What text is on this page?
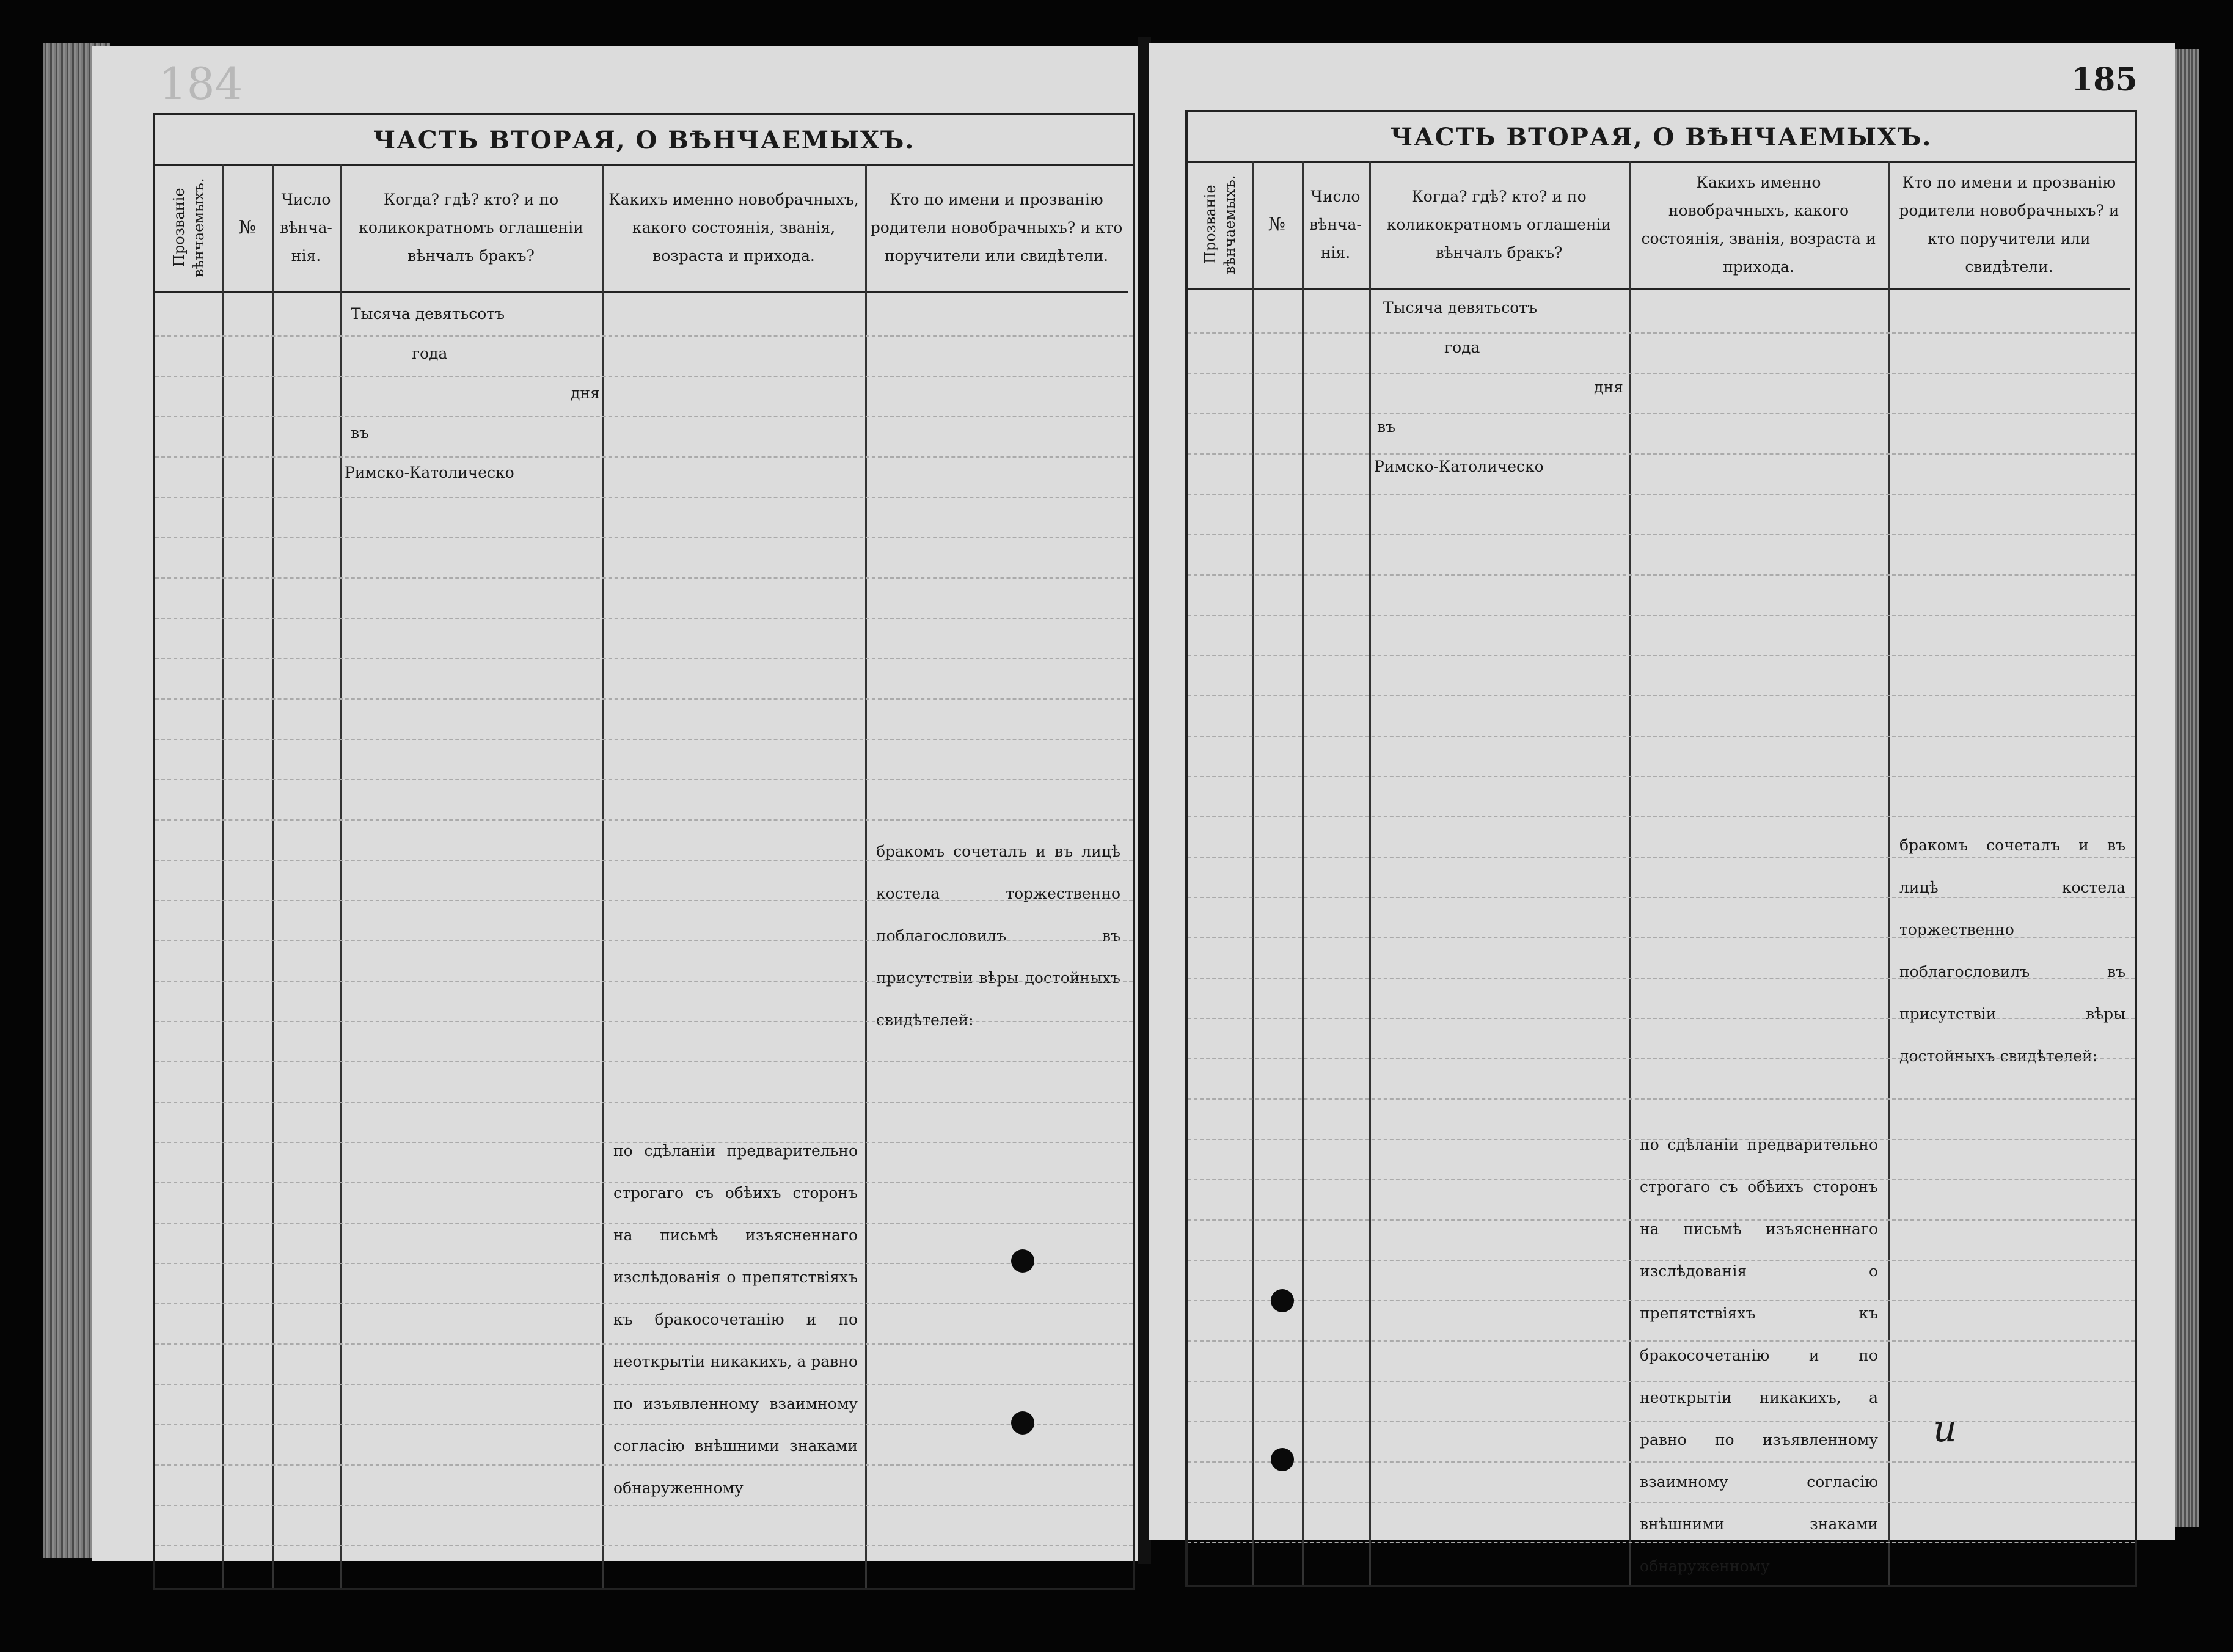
184
ЧАСТЬ ВТОРАЯ, О ВѢНЧАЕМЫХЪ.
Прозваніе вѣнчаемыхъ.	№
Число вѣнча-нія.
Когда? гдѣ? кто? и по коликократномъ оглашеніи вѣнчалъ бракъ?
Какихъ именно новобрачныхъ, какого состоянія, званія, возраста и прихода.
Кто по имени и прозванію родители новобрачныхъ? и кто поручители или свидѣтели.
Тысяча девятьсотъ
года
дня
въ
Римско-Католическо
бракомъ сочеталъ и въ лицѣ костела торжественно поблагословилъ въ присутствіи вѣры достойныхъ свидѣтелей:
по сдѣланіи предварительно строгаго съ обѣихъ сторонъ на письмѣ изъясненнаго изслѣдованія о препятствіяхъ къ бракосочетанію и по неоткрытіи никакихъ, а равно по изъявленному взаимному согласію внѣшними знаками обнаруженному
185
ЧАСТЬ ВТОРАЯ, О ВѢНЧАЕМЫХЪ.
Прозваніе вѣнчаемыхъ.	№
Число вѣнча-нія.
Когда? гдѣ? кто? и по коликократномъ оглашеніи вѣнчалъ бракъ?
Какихъ именно новобрачныхъ, какого состоянія, званія, возраста и прихода.
Кто по имени и прозванію родители новобрачныхъ? и кто поручители или свидѣтели.
Тысяча девятьсотъ
года
дня
въ
Римско-Католическо
бракомъ сочеталъ и въ лицѣ костела торжественно поблагословилъ въ присутствіи вѣры достойныхъ свидѣтелей:
по сдѣланіи предварительно строгаго съ обѣихъ сторонъ на письмѣ изъясненнаго изслѣдованія о препятствіяхъ къ бракосочетанію и по неоткрытіи никакихъ, а равно по изъявленному взаимному согласію внѣшними знаками обнаруженному
и
